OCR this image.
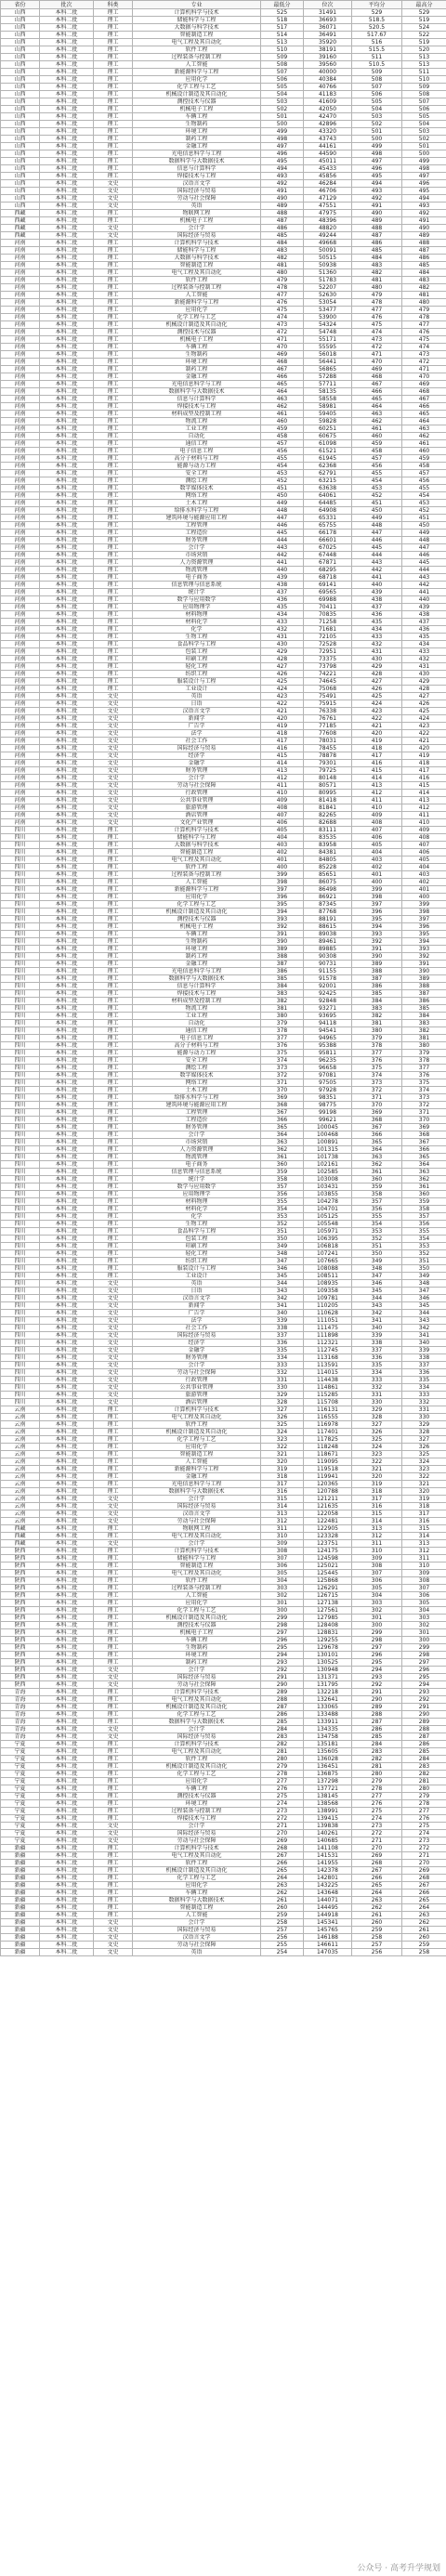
省份	批次	科类	专业	最低分	位次	平均分	最高分
山西	本科二批	理工	计算机科学与技术	525	31491	529	529
山西	本科二批	理工	储能科学与工程	518	36693	518.5	519
山西	本科二批	理工	大数据与科学技术	517	36071	520.5	524
山西	本科二批	理工	智能制造工程	514	36491	517.67	522
山西	本科二批	理工	电气工程及其自动化	513	35920	516	519
山西	本科二批	理工	软件工程	510	38191	515.5	520
山西	本科二批	理工	过程装备与控制工程	509	39160	511	513
山西	本科二批	理工	人工智能	508	39560	510.5	513
山西	本科二批	理工	新能源科学与工程	507	40000	509	511
山西	本科二批	理工	应用化学	506	40384	508	510
山西	本科二批	理工	化学工程与工艺	505	40766	507	509
山西	本科二批	理工	机械设计制造及其自动化	504	41183	506	508
山西	本科二批	理工	测控技术与仪器	503	41609	505	507
山西	本科二批	理工	机械电子工程	502	42050	504	506
山西	本科二批	理工	车辆工程	501	42470	503	505
山西	本科二批	理工	生物制药	500	42896	502	504
山西	本科二批	理工	环境工程	499	43320	501	503
山西	本科二批	理工	制药工程	498	43743	500	502
山西	本科二批	理工	金融工程	497	44161	499	501
山西	本科二批	理工	光电信息科学与工程	496	44590	498	500
山西	本科二批	理工	数据科学与大数据技术	495	45011	497	499
山西	本科二批	理工	信息与计算科学	494	45433	496	498
山西	本科二批	理工	焊接技术与工程	493	45856	495	497
山西	本科二批	文史	汉语言文学	492	46284	494	496
山西	本科二批	文史	国际经济与贸易	491	46706	493	495
山西	本科二批	文史	劳动与社会保障	490	47129	492	494
山西	本科二批	文史	英语	489	47551	491	493
西藏	本科二批	理工	物联网工程	488	47975	490	492
西藏	本科二批	理工	机械电子工程	487	48396	489	491
西藏	本科二批	文史	会计学	486	48820	488	490
西藏	本科二批	文史	国际经济与贸易	485	49244	487	489
河南	本科二批	理工	计算机科学与技术	484	49668	486	488
河南	本科二批	理工	储能科学与工程	483	50091	485	487
河南	本科二批	理工	大数据与科学技术	482	50515	484	486
河南	本科二批	理工	智能制造工程	481	50938	483	485
河南	本科二批	理工	电气工程及其自动化	480	51360	482	484
河南	本科二批	理工	软件工程	479	51783	481	483
河南	本科二批	理工	过程装备与控制工程	478	52207	480	482
河南	本科二批	理工	人工智能	477	52630	479	481
河南	本科二批	理工	新能源科学与工程	476	53054	478	480
河南	本科二批	理工	应用化学	475	53477	477	479
河南	本科二批	理工	化学工程与工艺	474	53900	476	478
河南	本科二批	理工	机械设计制造及其自动化	473	54324	475	477
河南	本科二批	理工	测控技术与仪器	472	54748	474	476
河南	本科二批	理工	机械电子工程	471	55171	473	475
河南	本科二批	理工	车辆工程	470	55595	472	474
河南	本科二批	理工	生物制药	469	56018	471	473
河南	本科二批	理工	环境工程	468	56441	470	472
河南	本科二批	理工	制药工程	467	56865	469	471
河南	本科二批	理工	金融工程	466	57288	468	470
河南	本科二批	理工	光电信息科学与工程	465	57711	467	469
河南	本科二批	理工	数据科学与大数据技术	464	58135	466	468
河南	本科二批	理工	信息与计算科学	463	58558	465	467
河南	本科二批	理工	焊接技术与工程	462	58981	464	466
河南	本科二批	理工	材料成型及控制工程	461	59405	463	465
河南	本科二批	理工	物流工程	460	59828	462	464
河南	本科二批	理工	工业工程	459	60251	461	463
河南	本科二批	理工	自动化	458	60675	460	462
河南	本科二批	理工	通信工程	457	61098	459	461
河南	本科二批	理工	电子信息工程	456	61521	458	460
河南	本科二批	理工	高分子材料与工程	455	61945	457	459
河南	本科二批	理工	能源与动力工程	454	62368	456	458
河南	本科二批	理工	安全工程	453	62791	455	457
河南	本科二批	理工	测绘工程	452	63215	454	456
河南	本科二批	理工	数字媒体技术	451	63638	453	455
河南	本科二批	理工	网络工程	450	64061	452	454
河南	本科二批	理工	土木工程	449	64485	451	453
河南	本科二批	理工	给排水科学与工程	448	64908	450	452
河南	本科二批	理工	建筑环境与能源应用工程	447	65331	449	451
河南	本科二批	理工	工程管理	446	65755	448	450
河南	本科二批	理工	工程造价	445	66178	447	449
河南	本科二批	理工	财务管理	444	66601	446	448
河南	本科二批	理工	会计学	443	67025	445	447
河南	本科二批	理工	市场营销	442	67448	444	446
河南	本科二批	理工	人力资源管理	441	67871	443	445
河南	本科二批	理工	物流管理	440	68295	442	444
河南	本科二批	理工	电子商务	439	68718	441	443
河南	本科二批	理工	信息管理与信息系统	438	69141	440	442
河南	本科二批	理工	统计学	437	69565	439	441
河南	本科二批	理工	数学与应用数学	436	69988	438	440
河南	本科二批	理工	应用物理学	435	70411	437	439
河南	本科二批	理工	材料物理	434	70835	436	438
河南	本科二批	理工	材料化学	433	71258	435	437
河南	本科二批	理工	化学	432	71681	434	436
河南	本科二批	理工	生物工程	431	72105	433	435
河南	本科二批	理工	食品科学与工程	430	72528	432	434
河南	本科二批	理工	包装工程	429	72951	431	433
河南	本科二批	理工	印刷工程	428	73375	430	432
河南	本科二批	理工	轻化工程	427	73798	429	431
河南	本科二批	理工	纺织工程	426	74221	428	430
河南	本科二批	理工	服装设计与工程	425	74645	427	429
河南	本科二批	理工	工业设计	424	75068	426	428
河南	本科二批	文史	英语	423	75491	425	427
河南	本科二批	文史	日语	422	75915	424	426
河南	本科二批	文史	汉语言文学	421	76338	423	425
河南	本科二批	文史	新闻学	420	76761	422	424
河南	本科二批	文史	广告学	419	77185	421	423
河南	本科二批	文史	法学	418	77608	420	422
河南	本科二批	文史	社会工作	417	78031	419	421
河南	本科二批	文史	国际经济与贸易	416	78455	418	420
河南	本科二批	文史	经济学	415	78878	417	419
河南	本科二批	文史	金融学	414	79301	416	418
河南	本科二批	文史	财务管理	413	79725	415	417
河南	本科二批	文史	会计学	412	80148	414	416
河南	本科二批	文史	劳动与社会保障	411	80571	413	415
河南	本科二批	文史	行政管理	410	80995	412	414
河南	本科二批	文史	公共事业管理	409	81418	411	413
河南	本科二批	文史	旅游管理	408	81841	410	412
河南	本科二批	文史	酒店管理	407	82265	409	411
河南	本科二批	文史	文化产业管理	406	82688	408	410
四川	本科二批	理工	计算机科学与技术	405	83111	407	409
四川	本科二批	理工	储能科学与工程	404	83535	406	408
四川	本科二批	理工	大数据与科学技术	403	83958	405	407
四川	本科二批	理工	智能制造工程	402	84381	404	406
四川	本科二批	理工	电气工程及其自动化	401	84805	403	405
四川	本科二批	理工	软件工程	400	85228	402	404
四川	本科二批	理工	过程装备与控制工程	399	85651	401	403
四川	本科二批	理工	人工智能	398	86075	400	402
四川	本科二批	理工	新能源科学与工程	397	86498	399	401
四川	本科二批	理工	应用化学	396	86921	398	400
四川	本科二批	理工	化学工程与工艺	395	87345	397	399
四川	本科二批	理工	机械设计制造及其自动化	394	87768	396	398
四川	本科二批	理工	测控技术与仪器	393	88191	395	397
四川	本科二批	理工	机械电子工程	392	88615	394	396
四川	本科二批	理工	车辆工程	391	89038	393	395
四川	本科二批	理工	生物制药	390	89461	392	394
四川	本科二批	理工	环境工程	389	89885	391	393
四川	本科二批	理工	制药工程	388	90308	390	392
四川	本科二批	理工	金融工程	387	90731	389	391
四川	本科二批	理工	光电信息科学与工程	386	91155	388	390
四川	本科二批	理工	数据科学与大数据技术	385	91578	387	389
四川	本科二批	理工	信息与计算科学	384	92001	386	388
四川	本科二批	理工	焊接技术与工程	383	92425	385	387
四川	本科二批	理工	材料成型及控制工程	382	92848	384	386
四川	本科二批	理工	物流工程	381	93271	383	385
四川	本科二批	理工	工业工程	380	93695	382	384
四川	本科二批	理工	自动化	379	94118	381	383
四川	本科二批	理工	通信工程	378	94541	380	382
四川	本科二批	理工	电子信息工程	377	94965	379	381
四川	本科二批	理工	高分子材料与工程	376	95388	378	380
四川	本科二批	理工	能源与动力工程	375	95811	377	379
四川	本科二批	理工	安全工程	374	96235	376	378
四川	本科二批	理工	测绘工程	373	96658	375	377
四川	本科二批	理工	数字媒体技术	372	97081	374	376
四川	本科二批	理工	网络工程	371	97505	373	375
四川	本科二批	理工	土木工程	370	97928	372	374
四川	本科二批	理工	给排水科学与工程	369	98351	371	373
四川	本科二批	理工	建筑环境与能源应用工程	368	98775	370	372
四川	本科二批	理工	工程管理	367	99198	369	371
四川	本科二批	理工	工程造价	366	99621	368	370
四川	本科二批	理工	财务管理	365	100045	367	369
四川	本科二批	理工	会计学	364	100468	366	368
四川	本科二批	理工	市场营销	363	100891	365	367
四川	本科二批	理工	人力资源管理	362	101315	364	366
四川	本科二批	理工	物流管理	361	101738	363	365
四川	本科二批	理工	电子商务	360	102161	362	364
四川	本科二批	理工	信息管理与信息系统	359	102585	361	363
四川	本科二批	理工	统计学	358	103008	360	362
四川	本科二批	理工	数学与应用数学	357	103431	359	361
四川	本科二批	理工	应用物理学	356	103855	358	360
四川	本科二批	理工	材料物理	355	104278	357	359
四川	本科二批	理工	材料化学	354	104701	356	358
四川	本科二批	理工	化学	353	105125	355	357
四川	本科二批	理工	生物工程	352	105548	354	356
四川	本科二批	理工	食品科学与工程	351	105971	353	355
四川	本科二批	理工	包装工程	350	106395	352	354
四川	本科二批	理工	印刷工程	349	106818	351	353
四川	本科二批	理工	轻化工程	348	107241	350	352
四川	本科二批	理工	纺织工程	347	107665	349	351
四川	本科二批	理工	服装设计与工程	346	108088	348	350
四川	本科二批	理工	工业设计	345	108511	347	349
四川	本科二批	文史	英语	344	108935	346	348
四川	本科二批	文史	日语	343	109358	345	347
四川	本科二批	文史	汉语言文学	342	109781	344	346
四川	本科二批	文史	新闻学	341	110205	343	345
四川	本科二批	文史	广告学	340	110628	342	344
四川	本科二批	文史	法学	339	111051	341	343
四川	本科二批	文史	社会工作	338	111475	340	342
四川	本科二批	文史	国际经济与贸易	337	111898	339	341
四川	本科二批	文史	经济学	336	112321	338	340
四川	本科二批	文史	金融学	335	112745	337	339
四川	本科二批	文史	财务管理	334	113168	336	338
四川	本科二批	文史	会计学	333	113591	335	337
四川	本科二批	文史	劳动与社会保障	332	114015	334	336
四川	本科二批	文史	行政管理	331	114438	333	335
四川	本科二批	文史	公共事业管理	330	114861	332	334
四川	本科二批	文史	旅游管理	329	115285	331	333
四川	本科二批	文史	酒店管理	328	115708	330	332
云南	本科二批	理工	计算机科学与技术	327	116131	329	331
云南	本科二批	理工	电气工程及其自动化	326	116555	328	330
云南	本科二批	理工	软件工程	325	116978	327	329
云南	本科二批	理工	机械设计制造及其自动化	324	117401	326	328
云南	本科二批	理工	化学工程与工艺	323	117825	325	327
云南	本科二批	理工	应用化学	322	118248	324	326
云南	本科二批	理工	智能制造工程	321	118671	323	325
云南	本科二批	理工	人工智能	320	119095	322	324
云南	本科二批	理工	新能源科学与工程	319	119518	321	323
云南	本科二批	理工	金融工程	318	119941	320	322
云南	本科二批	理工	光电信息科学与工程	317	120365	319	321
云南	本科二批	理工	数据科学与大数据技术	316	120788	318	320
云南	本科二批	文史	会计学	315	121211	317	319
云南	本科二批	文史	国际经济与贸易	314	121635	316	318
云南	本科二批	文史	汉语言文学	313	122058	315	317
云南	本科二批	文史	劳动与社会保障	312	122481	314	316
西藏	本科二批	理工	物联网工程	311	122905	313	315
西藏	本科二批	理工	电气工程及其自动化	310	123328	312	314
西藏	本科二批	文史	会计学	309	123751	311	313
陕西	本科二批	理工	计算机科学与技术	308	124175	310	312
陕西	本科二批	理工	储能科学与工程	307	124598	309	311
陕西	本科二批	理工	智能制造工程	306	125021	308	310
陕西	本科二批	理工	电气工程及其自动化	305	125445	307	309
陕西	本科二批	理工	软件工程	304	125868	306	308
陕西	本科二批	理工	过程装备与控制工程	303	126291	305	307
陕西	本科二批	理工	人工智能	302	126715	304	306
陕西	本科二批	理工	应用化学	301	127138	303	305
陕西	本科二批	理工	化学工程与工艺	300	127561	302	304
陕西	本科二批	理工	机械设计制造及其自动化	299	127985	301	303
陕西	本科二批	理工	测控技术与仪器	298	128408	300	302
陕西	本科二批	理工	机械电子工程	297	128831	299	301
陕西	本科二批	理工	车辆工程	296	129255	298	300
陕西	本科二批	理工	生物制药	295	129678	297	299
陕西	本科二批	理工	环境工程	294	130101	296	298
陕西	本科二批	理工	制药工程	293	130525	295	297
陕西	本科二批	文史	会计学	292	130948	294	296
陕西	本科二批	文史	国际经济与贸易	291	131371	293	295
陕西	本科二批	文史	劳动与社会保障	290	131795	292	294
青海	本科二批	理工	计算机科学与技术	289	132218	291	293
青海	本科二批	理工	电气工程及其自动化	288	132641	290	292
青海	本科二批	理工	机械设计制造及其自动化	287	133065	289	291
青海	本科二批	理工	化学工程与工艺	286	133488	288	290
青海	本科二批	理工	数据科学与大数据技术	285	133911	287	289
青海	本科二批	文史	会计学	284	134335	286	288
青海	本科二批	文史	国际经济与贸易	283	134758	285	287
宁夏	本科二批	理工	计算机科学与技术	282	135181	284	286
宁夏	本科二批	理工	电气工程及其自动化	281	135605	283	285
宁夏	本科二批	理工	软件工程	280	136028	282	284
宁夏	本科二批	理工	机械设计制造及其自动化	279	136451	281	283
宁夏	本科二批	理工	化学工程与工艺	278	136875	280	282
宁夏	本科二批	理工	应用化学	277	137298	279	281
宁夏	本科二批	理工	车辆工程	276	137721	278	280
宁夏	本科二批	理工	测控技术与仪器	275	138145	277	279
宁夏	本科二批	理工	环境工程	274	138568	276	278
宁夏	本科二批	理工	过程装备与控制工程	273	138991	275	277
宁夏	本科二批	理工	焊接技术与工程	272	139415	274	276
宁夏	本科二批	文史	会计学	271	139838	273	275
宁夏	本科二批	文史	国际经济与贸易	270	140261	272	274
宁夏	本科二批	文史	劳动与社会保障	269	140685	271	273
新疆	本科二批	理工	计算机科学与技术	268	141108	270	272
新疆	本科二批	理工	电气工程及其自动化	267	141531	269	271
新疆	本科二批	理工	软件工程	266	141955	268	270
新疆	本科二批	理工	机械设计制造及其自动化	265	142378	267	269
新疆	本科二批	理工	化学工程与工艺	264	142801	266	268
新疆	本科二批	理工	应用化学	263	143225	265	267
新疆	本科二批	理工	车辆工程	262	143648	264	266
新疆	本科二批	理工	数据科学与大数据技术	261	144071	263	265
新疆	本科二批	理工	智能制造工程	260	144495	262	264
新疆	本科二批	理工	人工智能	259	144918	261	263
新疆	本科二批	文史	会计学	258	145341	260	262
新疆	本科二批	文史	国际经济与贸易	257	145765	259	261
新疆	本科二批	文史	汉语言文学	256	146188	258	260
新疆	本科二批	文史	劳动与社会保障	255	146611	257	259
新疆	本科二批	文史	英语	254	147035	256	258
公众号 · 高考升学规划
